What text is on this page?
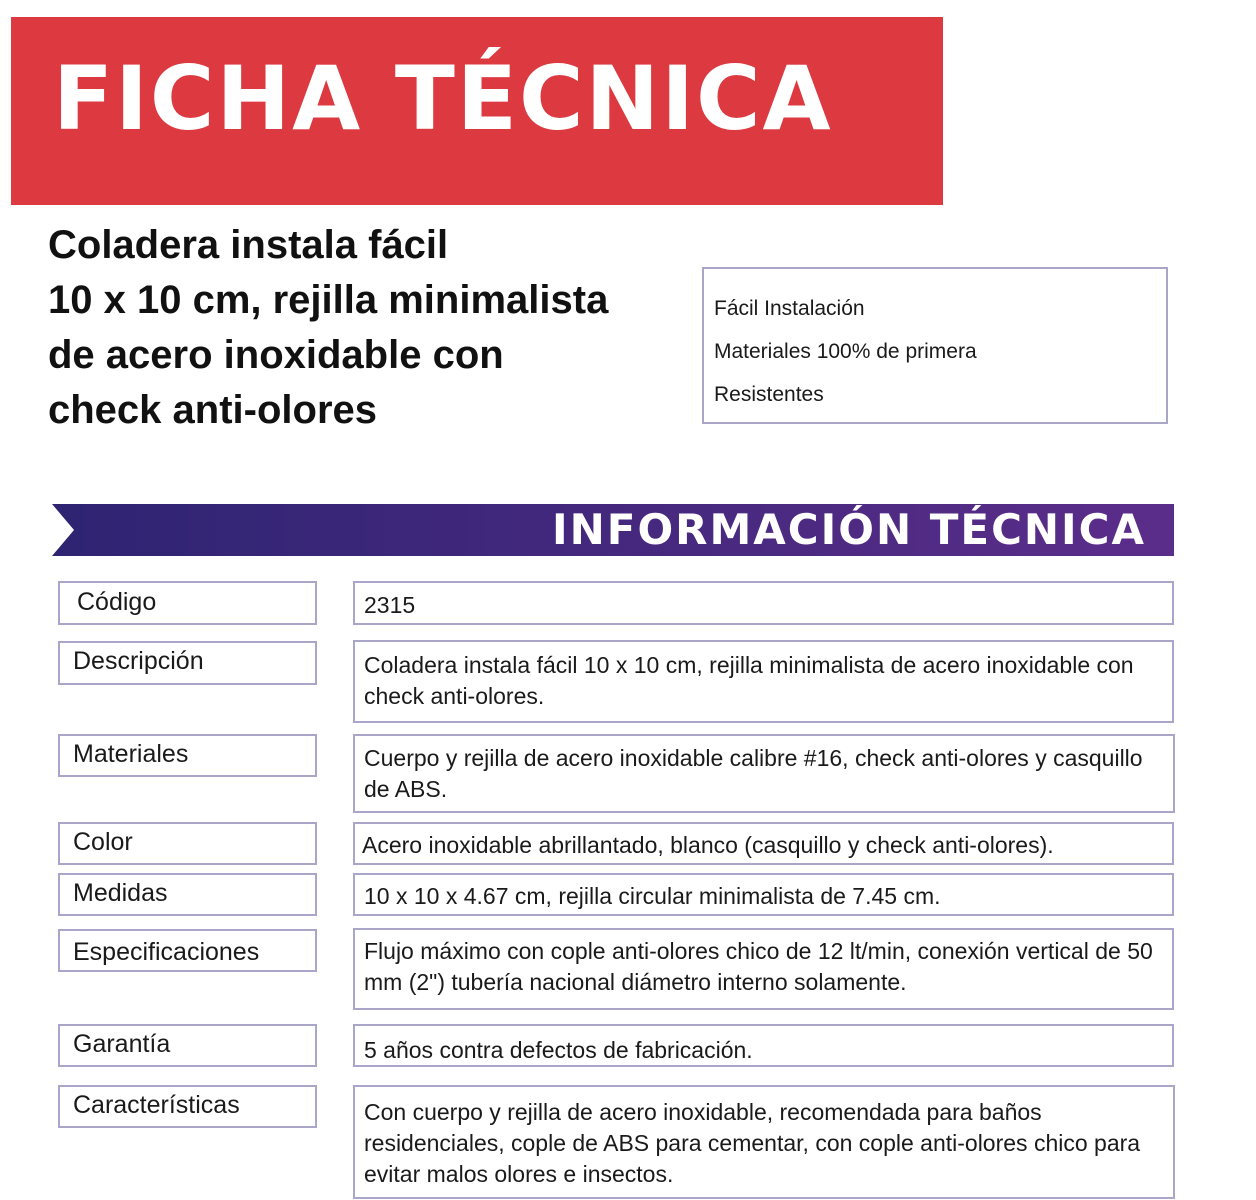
FICHA TÉCNICA
Coladera instala fácil
10 x 10 cm, rejilla minimalista
de acero inoxidable con
check anti-olores
Fácil Instalación
Materiales 100% de primera
Resistentes
INFORMACIÓN TÉCNICA
Código	2315
Descripción	Coladera instala fácil 10 x 10 cm, rejilla minimalista de acero inoxidable con check anti-olores.
Materiales	Cuerpo y rejilla de acero inoxidable calibre #16, check anti-olores y casquillo de ABS.
Color	Acero inoxidable abrillantado, blanco (casquillo y check anti-olores).
Medidas	10 x 10 x 4.67 cm, rejilla circular minimalista de 7.45 cm.
Especificaciones	Flujo máximo con cople anti-olores chico de 12 lt/min, conexión vertical de 50 mm (2") tubería nacional diámetro interno solamente.
Garantía	5 años contra defectos de fabricación.
Características	Con cuerpo y rejilla de acero inoxidable, recomendada para baños residenciales, cople de ABS para cementar, con cople anti-olores chico para evitar malos olores e insectos.
